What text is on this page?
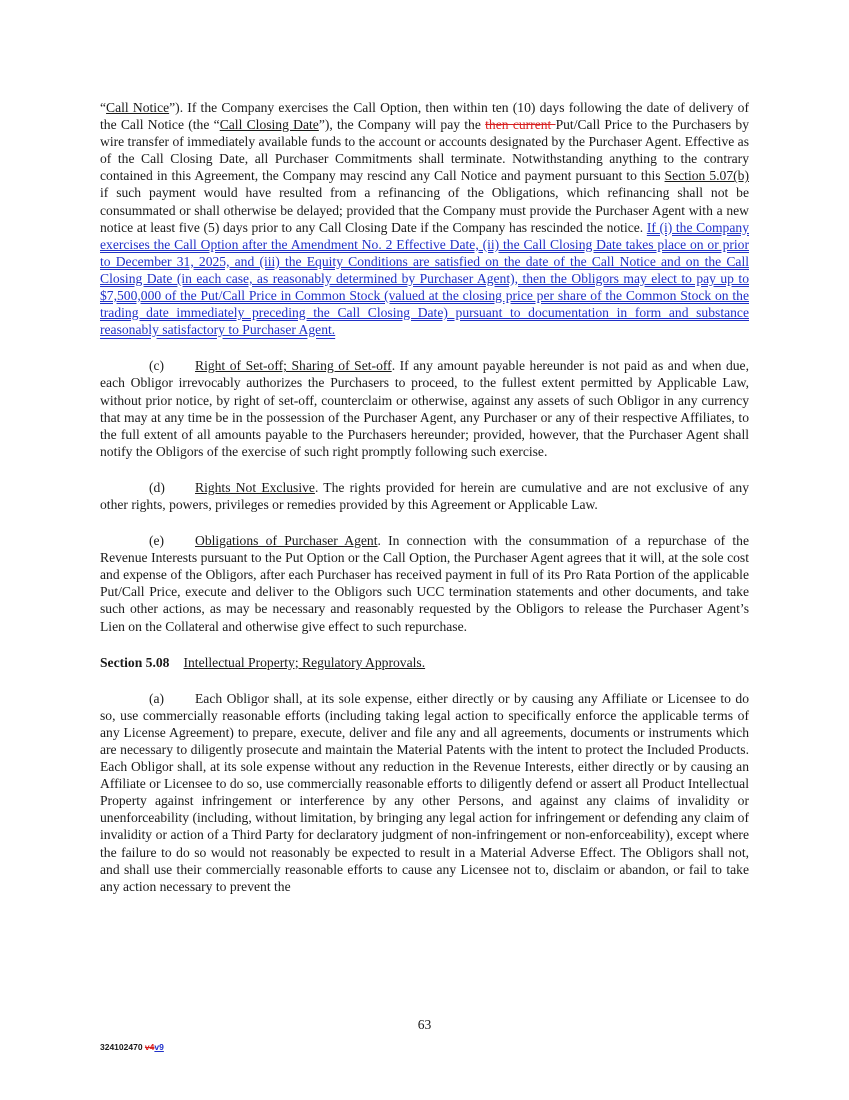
“Call Notice”). If the Company exercises the Call Option, then within ten (10) days following the date of delivery of the Call Notice (the “Call Closing Date”), the Company will pay the then current Put/Call Price to the Purchasers by wire transfer of immediately available funds to the account or accounts designated by the Purchaser Agent. Effective as of the Call Closing Date, all Purchaser Commitments shall terminate. Notwithstanding anything to the contrary contained in this Agreement, the Company may rescind any Call Notice and payment pursuant to this Section 5.07(b) if such payment would have resulted from a refinancing of the Obligations, which refinancing shall not be consummated or shall otherwise be delayed; provided that the Company must provide the Purchaser Agent with a new notice at least five (5) days prior to any Call Closing Date if the Company has rescinded the notice. If (i) the Company exercises the Call Option after the Amendment No. 2 Effective Date, (ii) the Call Closing Date takes place on or prior to December 31, 2025, and (iii) the Equity Conditions are satisfied on the date of the Call Notice and on the Call Closing Date (in each case, as reasonably determined by Purchaser Agent), then the Obligors may elect to pay up to $7,500,000 of the Put/Call Price in Common Stock (valued at the closing price per share of the Common Stock on the trading date immediately preceding the Call Closing Date) pursuant to documentation in form and substance reasonably satisfactory to Purchaser Agent.

(c) Right of Set-off; Sharing of Set-off. If any amount payable hereunder is not paid as and when due, each Obligor irrevocably authorizes the Purchasers to proceed, to the fullest extent permitted by Applicable Law, without prior notice, by right of set-off, counterclaim or otherwise, against any assets of such Obligor in any currency that may at any time be in the possession of the Purchaser Agent, any Purchaser or any of their respective Affiliates, to the full extent of all amounts payable to the Purchasers hereunder; provided, however, that the Purchaser Agent shall notify the Obligors of the exercise of such right promptly following such exercise.

(d) Rights Not Exclusive. The rights provided for herein are cumulative and are not exclusive of any other rights, powers, privileges or remedies provided by this Agreement or Applicable Law.

(e) Obligations of Purchaser Agent. In connection with the consummation of a repurchase of the Revenue Interests pursuant to the Put Option or the Call Option, the Purchaser Agent agrees that it will, at the sole cost and expense of the Obligors, after each Purchaser has received payment in full of its Pro Rata Portion of the applicable Put/Call Price, execute and deliver to the Obligors such UCC termination statements and other documents, and take such other actions, as may be necessary and reasonably requested by the Obligors to release the Purchaser Agent’s Lien on the Collateral and otherwise give effect to such repurchase.

Section 5.08 Intellectual Property; Regulatory Approvals.

(a) Each Obligor shall, at its sole expense, either directly or by causing any Affiliate or Licensee to do so, use commercially reasonable efforts (including taking legal action to specifically enforce the applicable terms of any License Agreement) to prepare, execute, deliver and file any and all agreements, documents or instruments which are necessary to diligently prosecute and maintain the Material Patents with the intent to protect the Included Products. Each Obligor shall, at its sole expense without any reduction in the Revenue Interests, either directly or by causing an Affiliate or Licensee to do so, use commercially reasonable efforts to diligently defend or assert all Product Intellectual Property against infringement or interference by any other Persons, and against any claims of invalidity or unenforceability (including, without limitation, by bringing any legal action for infringement or defending any claim of invalidity or action of a Third Party for declaratory judgment of non-infringement or non-enforceability), except where the failure to do so would not reasonably be expected to result in a Material Adverse Effect. The Obligors shall not, and shall use their commercially reasonable efforts to cause any Licensee not to, disclaim or abandon, or fail to take any action necessary to prevent the

63
324102470 v4v9
